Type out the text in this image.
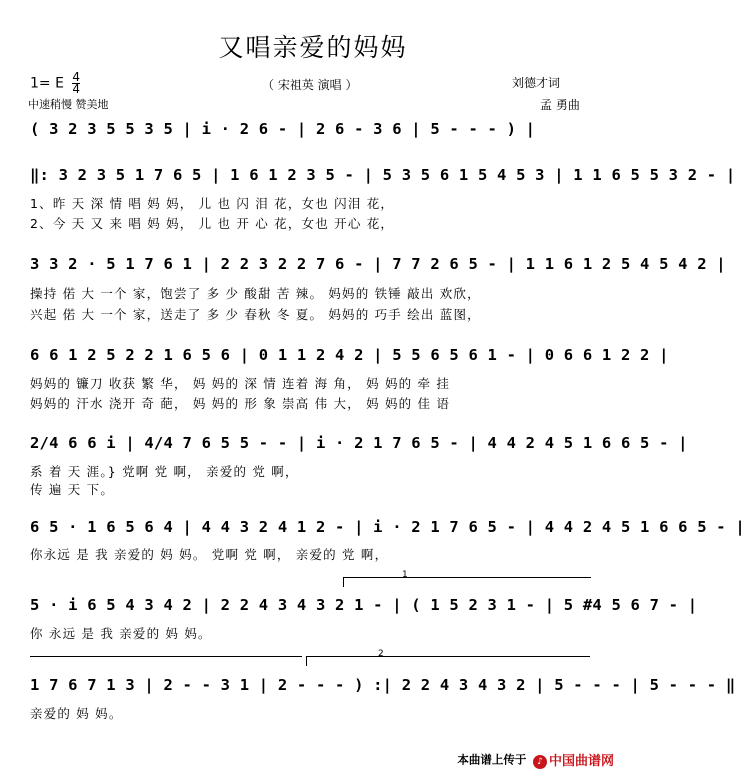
又唱亲爱的妈妈
1= E $\frac{4}{4}$	（ 宋祖英 演唱 ）	刘德才词
孟 勇曲
中速稍慢 赞美地
( 3 2 3 5 5 3 5 | i · 2 6 - | 2 6 - 3 6 | 5 - - - ) |
‖: 3 2 3 5 1 7 6 5 | 1 6 1 2 3 5 - | 5 3 5 6 1 5 4 5 3 | 1 1 6 5 5 3 2 - |
1、昨 天 深 情 唱 妈 妈， 儿 也 闪 泪 花，女也 闪泪 花，
2、今 天 又 来 唱 妈 妈， 儿 也 开 心 花，女也 开心 花，
3 3 2 · 5 1 7 6 1 | 2 2 3 2 2 7 6 - | 7 7 2 6 5 - | 1 1 6 1 2 5 4 5 4 2 |
操持 偌 大 一个 家，饱尝了 多 少 酸甜 苦 辣。 妈妈的 铁锤 敲出 欢欣，
兴起 偌 大 一个 家，送走了 多 少 春秋 冬 夏。 妈妈的 巧手 绘出 蓝图，
6 6 1 2 5 2 2 1 6 5 6 | 0 1 1 2 4 2 | 5 5 6 5 6 1 - | 0 6 6 1 2 2 |
妈妈的 镰刀 收获 繁 华， 妈 妈的 深 情 连着 海 角， 妈 妈的 牵 挂
妈妈的 汗水 浇开 奇 葩， 妈 妈的 形 象 崇高 伟 大， 妈 妈的 佳 语
2/4 6 6 i | 4/4 7 6 5 5 - - | i · 2 1 7 6 5 - | 4 4 2 4 5 1 6 6 5 - |
系 着 天 涯。} 党啊 党 啊， 亲爱的 党 啊，
传 遍 天 下。
6 5 · 1 6 5 6 4 | 4 4 3 2 4 1 2 - | i · 2 1 7 6 5 - | 4 4 2 4 5 1 6 6 5 - |
你永远 是 我 亲爱的 妈 妈。 党啊 党 啊， 亲爱的 党 啊，
1
5 · i 6 5 4 3 4 2 | 2 2 4 3 4 3 2 1 - | ( 1 5 2 3 1 - | 5 #4 5 6 7 - |
你 永远 是 我 亲爱的 妈 妈。
2
1 7 6 7 1 3 | 2 - - 3 1 | 2 - - - ) :| 2 2 4 3 4 3 2 | 5 - - - | 5 - - - ‖
亲爱的 妈 妈。
本曲谱上传于 ♪ 中国曲谱网
